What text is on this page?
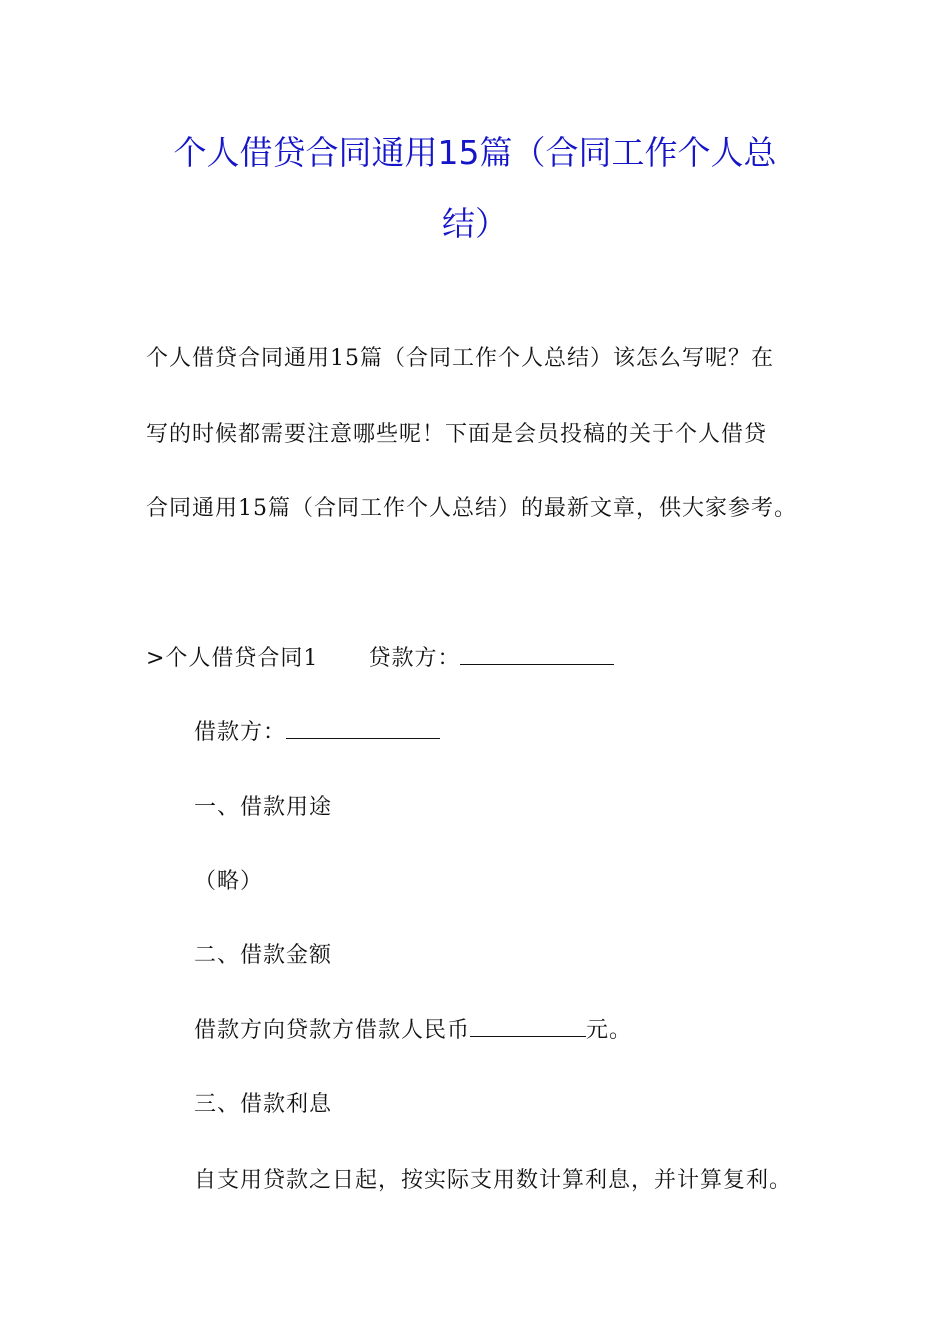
个人借贷合同通用15篇（合同工作个人总
结）
个人借贷合同通用15篇（合同工作个人总结）该怎么写呢？在
写的时候都需要注意哪些呢！下面是会员投稿的关于个人借贷
合同通用15篇（合同工作个人总结）的最新文章，供大家参考。
>个人借贷合同1 贷款方：
借款方：
一、借款用途
（略）
二、借款金额
借款方向贷款方借款人民币	元。
三、借款利息
自支用贷款之日起，按实际支用数计算利息，并计算复利。
